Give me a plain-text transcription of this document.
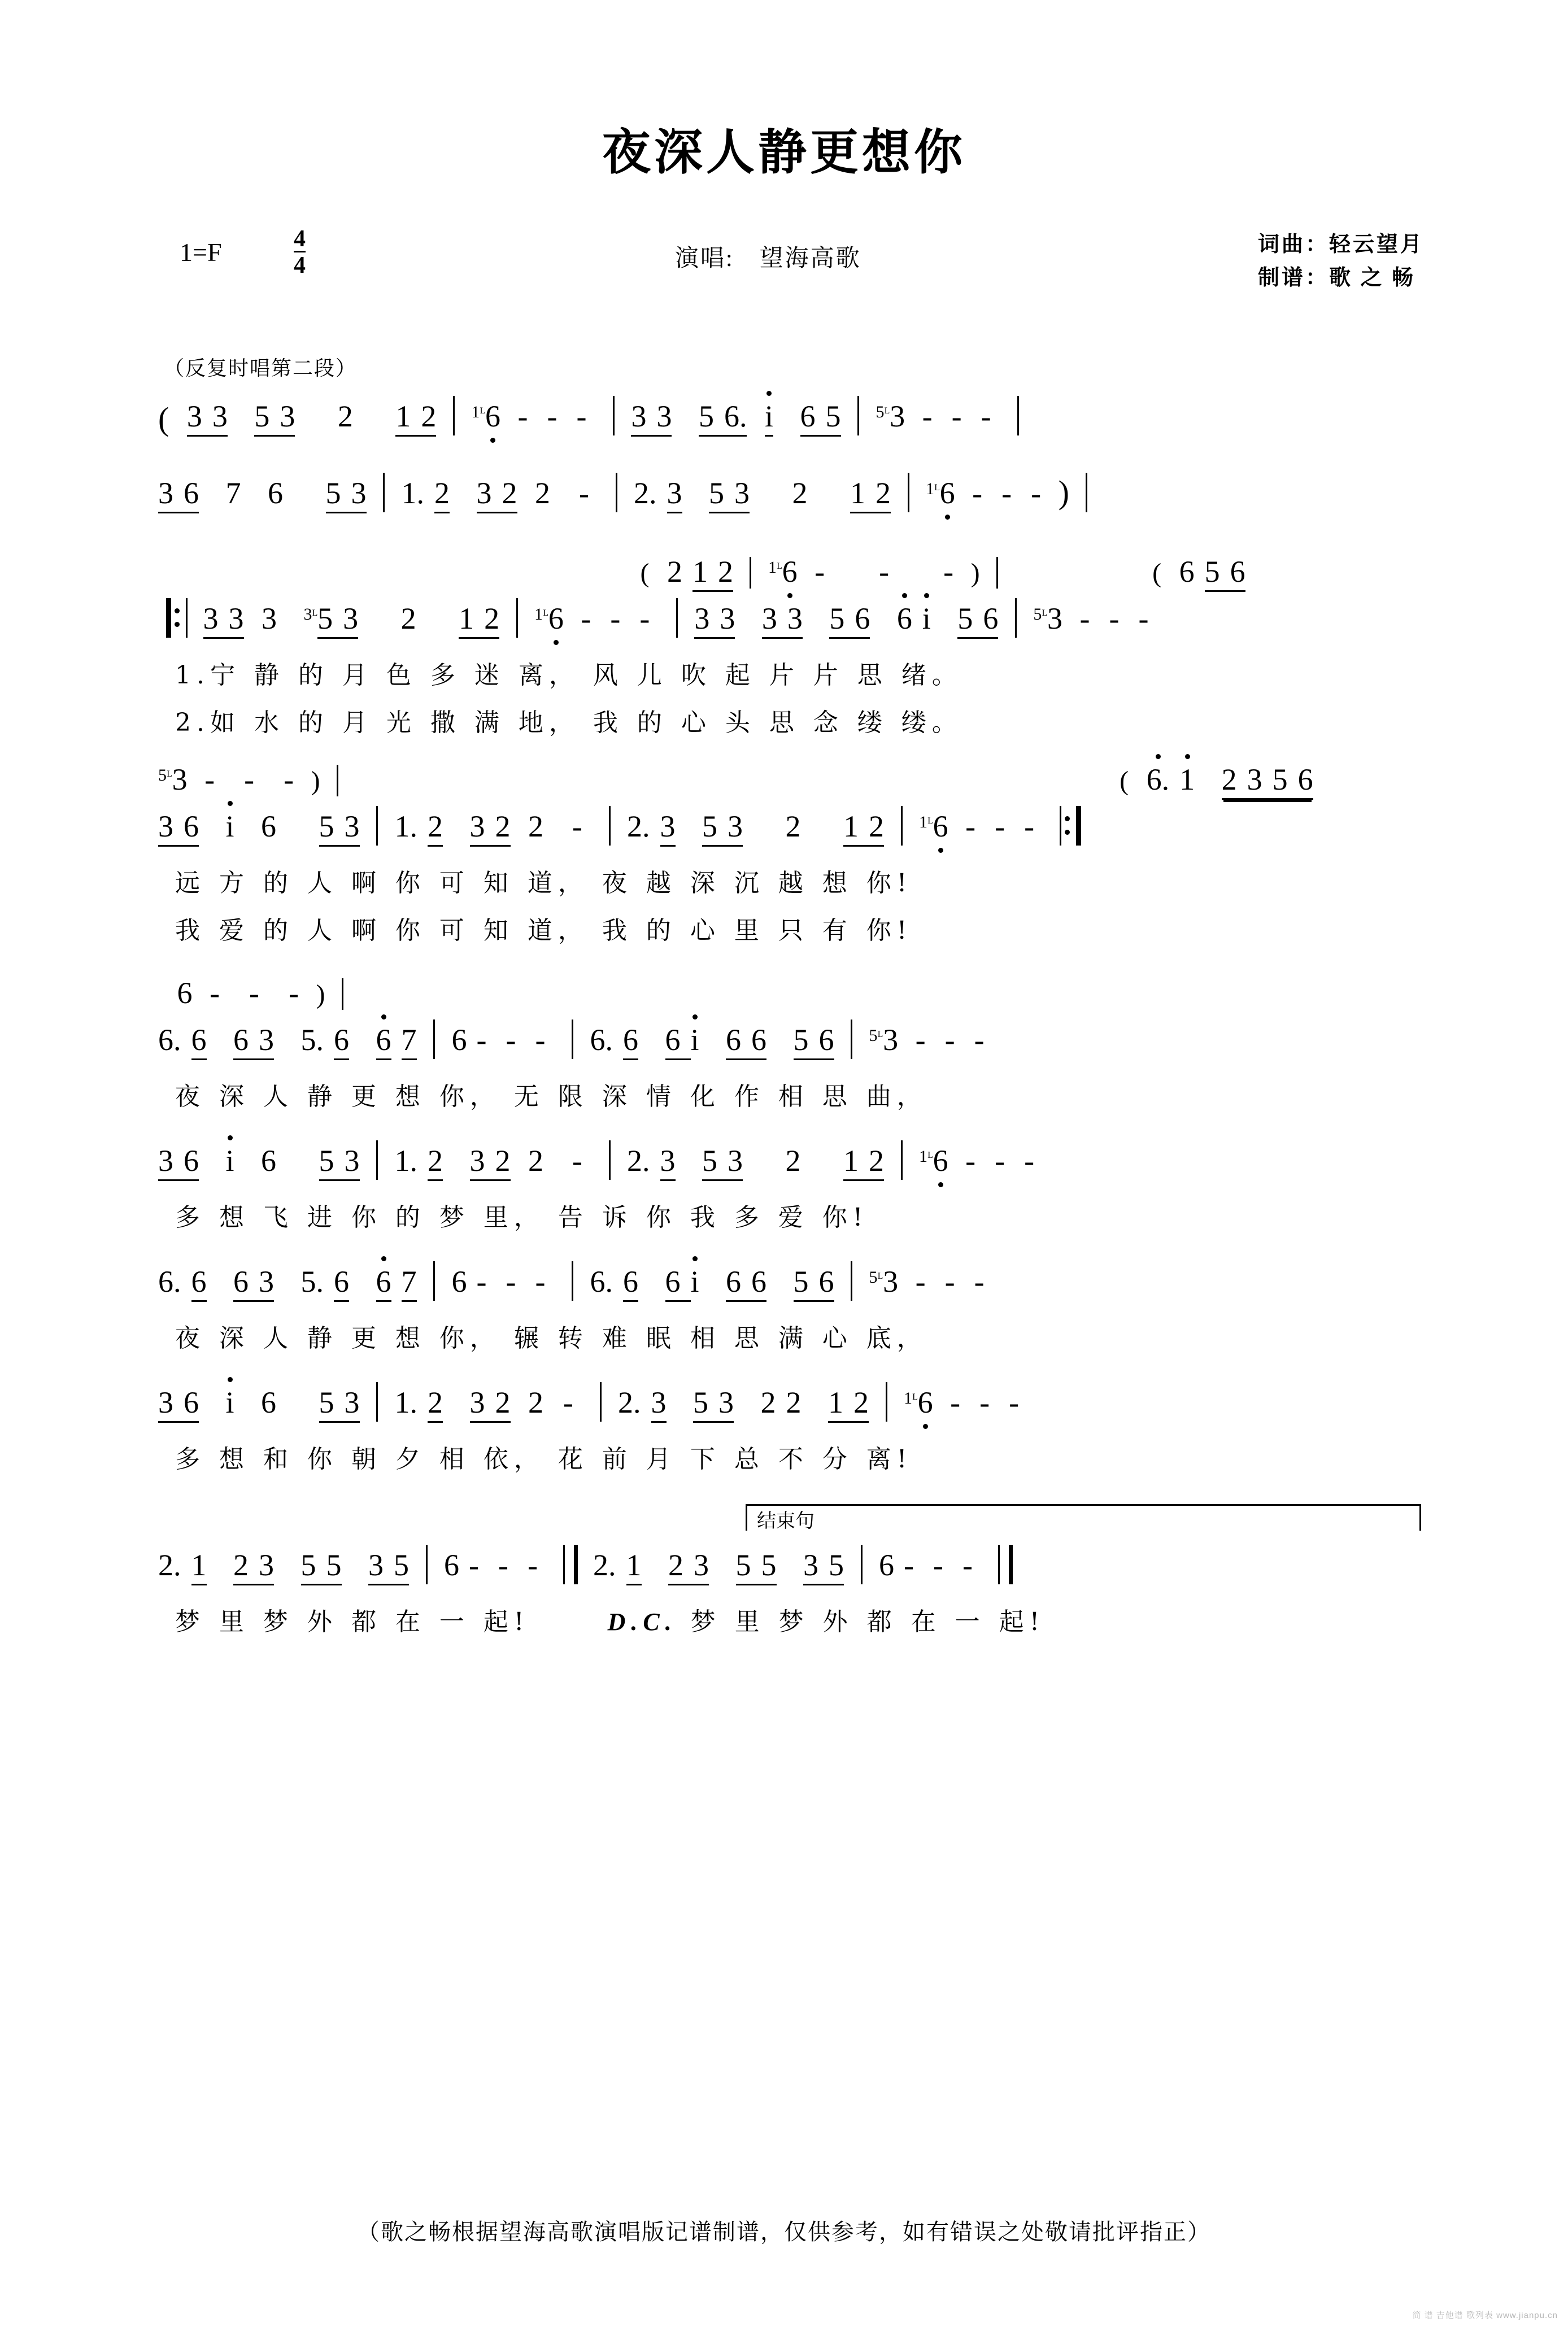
夜深人静更想你
1=F	$\frac{4}{4}$	演唱: 望海高歌
词曲：轻云望月
制谱：歌 之 畅
（反复时唱第二段）
( 3 3 5 3 2 1 2 $^{1ᴸ}$6 - - - 3 3 5 6. i 6 5 $^{5ᴸ}$3 - - -
3 6 7 6 5 3 1. 2 3 2 2 - 2. 3 5 3 2 1 2 $^{1ᴸ}$6 - - - )
( 2 1 2 $^{1ᴸ}$6 - - - )	( 6 5 6
3 3 3 $^{3ᴸ}$5 3 2 1 2 $^{1ᴸ}$6 - - - 3 3 3 3 5 6 6 i 5 6 $^{5ᴸ}$3 - - -
1.宁 静 的 月 色 多 迷 离， 风 儿 吹 起 片 片 思 绪。
2.如 水 的 月 光 撒 满 地， 我 的 心 头 思 念 缕 缕。
$^{5ᴸ}$3 - - - )	( 6. 1 2 3 5 6
3 6 i 6 5 3 1. 2 3 2 2 - 2. 3 5 3 2 1 2 $^{1ᴸ}$6 - - -
远 方 的 人 啊 你 可 知 道， 夜 越 深 沉 越 想 你!
我 爱 的 人 啊 你 可 知 道， 我 的 心 里 只 有 你!
6 - - - )
6. 6 6 3 5. 6 6 7 6 - - - 6. 6 6 i 6 6 5 6 $^{5ᴸ}$3 - - -
夜 深 人 静 更 想 你， 无 限 深 情 化 作 相 思 曲，
3 6 i 6 5 3 1. 2 3 2 2 - 2. 3 5 3 2 1 2 $^{1ᴸ}$6 - - -
多 想 飞 进 你 的 梦 里， 告 诉 你 我 多 爱 你!
6. 6 6 3 5. 6 6 7 6 - - - 6. 6 6 i 6 6 5 6 $^{5ᴸ}$3 - - -
夜 深 人 静 更 想 你， 辗 转 难 眠 相 思 满 心 底，
3 6 i 6 5 3 1. 2 3 2 2 - 2. 3 5 3 2 2 1 2 $^{1ᴸ}$6 - - -
多 想 和 你 朝 夕 相 依， 花 前 月 下 总 不 分 离!
结束句
2. 1 2 3 5 5 3 5 6 - - - 2. 1 2 3 5 5 3 5 6 - - -
梦 里 梦 外 都 在 一 起!	D.C. 梦 里 梦 外 都 在 一 起!
（歌之畅根据望海高歌演唱版记谱制谱，仅供参考，如有错误之处敬请批评指正）
简 谱 吉他谱 歌列表 www.jianpu.cn
